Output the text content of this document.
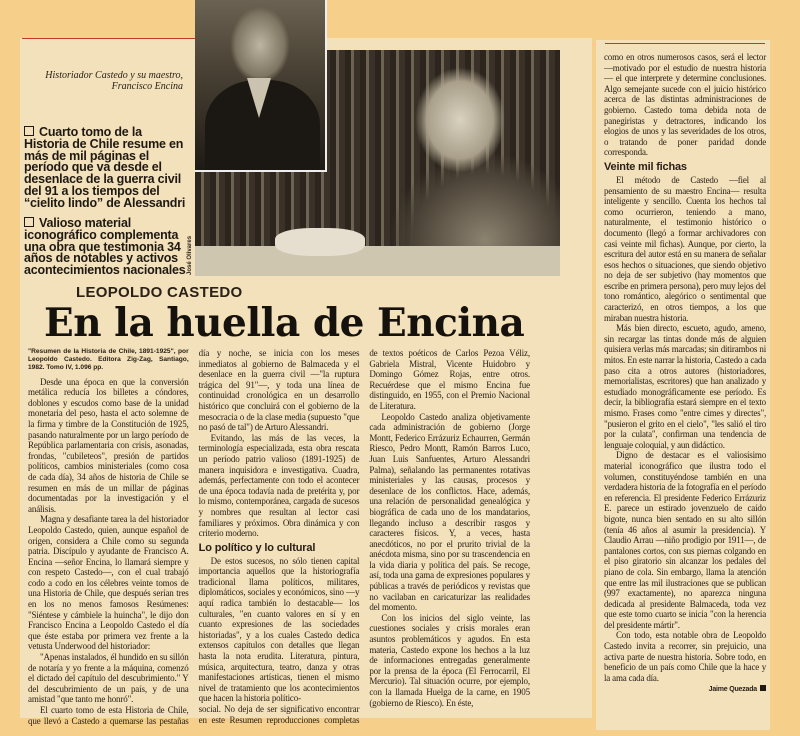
José Olivares
Historiador Castedo y su maestro, Francisco Encina
Cuarto tomo de la Historia de Chile resume en más de mil páginas el período que va desde el desenlace de la guerra civil del 91 a los tiempos del “cielito lindo” de Alessandri
Valioso material iconográfico complementa una obra que testimonia 34 años de notables y activos acontecimientos nacionales
LEOPOLDO CASTEDO
En la huella de Encina

"Resumen de la Historia de Chile, 1891-1925", por Leopoldo Castedo. Editora Zig-Zag, Santiago, 1982. Tomo IV, 1.096 pp.

Desde una época en que la conversión metálica reducía los billetes a cóndores, doblones y escudos como base de la unidad monetaria del peso, hasta el acto solemne de la firma y timbre de la Constitución de 1925, pasando naturalmente por un largo período de República parlamentaria con crisis, asonadas, frondas, "cubileteos", presión de partidos políticos, cambios ministeriales (como cosa de cada día), 34 años de historia de Chile se resumen en más de un millar de páginas documentadas por la investigación y el análisis.

Magna y desafiante tarea la del historiador Leopoldo Castedo, quien, aunque español de origen, considera a Chile como su segunda patria. Discípulo y ayudante de Francisco A. Encina —señor Encina, lo llamará siempre y con respeto Castedo—, con el cual trabajó codo a codo en los célebres veinte tomos de una Historia de Chile, que después serían tres en los no menos famosos Resúmenes: "Siéntese y cámbiele la huincha", le dijo don Francisco Encina a Leopoldo Castedo el día que éste estaba por primera vez frente a la vetusta Underwood del historiador:

"Apenas instalados, él hundido en su sillón de notaría y yo frente a la máquina, comenzó el dictado del capítulo del descubrimiento." Y del descubrimiento de un país, y de una amistad "que tanto me honró".

El cuarto tomo de esta Historia de Chile, que llevó a Castedo a quemarse las pestañas día y noche, se inicia con los meses inmediatos al gobierno de Balmaceda y el desenlace en la guerra civil —"la ruptura trágica del 91"—, y toda una línea de continuidad cronológica en un desarrollo histórico que concluirá con el gobierno de la mesocracia o de la clase media (supuesto "que no pasó de tal") de Arturo Alessandri.

Evitando, las más de las veces, la terminología especializada, esta obra rescata un período patrio valioso (1891-1925) de manera inquisidora e investigativa. Cuadra, además, perfectamente con todo el acontecer de una época todavía nada de pretérita y, por lo mismo, contemporánea, cargada de sucesos y nombres que resultan al lector casi familiares y próximos. Obra dinámica y con criterio moderno.

Lo político y lo cultural

De estos sucesos, no sólo tienen capital importancia aquellos que la historiografía tradicional llama políticos, militares, diplomáticos, sociales y económicos, sino —y aquí radica también lo destacable— los culturales, "en cuanto valores en sí y en cuanto expresiones de las sociedades historiadas", y a los cuales Castedo dedica extensos capítulos con detalles que llegan hasta la nota erudita. Literatura, pintura, música, arquitectura, teatro, danza y otras manifestaciones artísticas, tienen el mismo nivel de tratamiento que los acontecimientos que hacen la historia político-

social. No deja de ser significativo encontrar en este Resumen reproducciones completas de textos poéticos de Carlos Pezoa Véliz, Gabriela Mistral, Vicente Huidobro y Domingo Gómez Rojas, entre otros. Recuérdese que el mismo Encina fue distinguido, en 1955, con el Premio Nacional de Literatura.

Leopoldo Castedo analiza objetivamente cada administración de gobierno (Jorge Montt, Federico Errázuriz Echaurren, Germán Riesco, Pedro Montt, Ramón Barros Luco, Juan Luis Sanfuentes, Arturo Alessandri Palma), señalando las permanentes rotativas ministeriales y las causas, procesos y desenlace de los conflictos. Hace, además, una relación de personalidad genealógica y biográfica de cada uno de los mandatarios, llegando incluso a describir rasgos y caracteres físicos. Y, a veces, hasta anecdóticos, no por el prurito trivial de la anécdota misma, sino por su trascendencia en la vida diaria y política del país. Se recoge, así, toda una gama de expresiones populares y públicas a través de periódicos y revistas que no vacilaban en caricaturizar las realidades del momento.

Con los inicios del siglo veinte, las cuestiones sociales y crisis morales eran asuntos problemáticos y agudos. En esta materia, Castedo expone los hechos a la luz de informaciones entregadas generalmente por la prensa de la época (El Ferrocarril, El Mercurio). Tal situación ocurre, por ejemplo, con la llamada Huelga de la carne, en 1905 (gobierno de Riesco). En éste,

como en otros numerosos casos, será el lector —motivado por el estudio de nuestra historia— el que interprete y determine conclusiones. Algo semejante sucede con el juicio histórico acerca de las distintas administraciones de gobierno. Castedo toma debida nota de panegiristas y detractores, indicando los elogios de unos y las severidades de los otros, o tratando de poner paridad donde corresponda.

Veinte mil fichas

El método de Castedo —fiel al pensamiento de su maestro Encina— resulta inteligente y sencillo. Cuenta los hechos tal como ocurrieron, teniendo a mano, naturalmente, el testimonio histórico o documento (llegó a formar archivadores con casi veinte mil fichas). Aunque, por cierto, la escritura del autor está en su manera de señalar esos hechos o situaciones, que siendo objetivo no deja de ser subjetivo (hay momentos que escribe en primera persona), pero muy lejos del tono romántico, alegórico o sentimental que caracterizó, en otros tiempos, a los que miraban nuestra historia.

Más bien directo, escueto, agudo, ameno, sin recargar las tintas donde más de alguien quisiera verlas más marcadas; sin ditirambos ni mitos. En este narrar la historia, Castedo a cada paso cita a otros autores (historiadores, memorialistas, escritores) que han analizado y estudiado monográficamente ese período. Es decir, la bibliografía estará siempre en el texto mismo. Frases como "entre cimes y directes", "pusieron el grito en el cielo", "les salió el tiro por la culata", confirman una tendencia de lenguaje coloquial, y aun didáctico.

Digno de destacar es el valiosísimo material iconográfico que ilustra todo el volumen, constituyéndose también en una verdadera historia de la fotografía en el período en referencia. El presidente Federico Errázuriz E. parece un estirado jovenzuelo de caído bigote, nunca bien sentado en su alto sillón (tenía 46 años al asumir la presidencia). Y Claudio Arrau —niño prodigio por 1911—, de pantalones cortos, con sus piernas colgando en el piso giratorio sin alcanzar los pedales del piano de cola. Sin embargo, llama la atención que entre las mil ilustraciones que se publican (997 exactamente), no aparezca ninguna dedicada al presidente Balmaceda, toda vez que este tomo cuarto se inicia "con la herencia del presidente mártir".

Con todo, esta notable obra de Leopoldo Castedo invita a recorrer, sin prejuicio, una activa parte de nuestra historia. Sobre todo, en beneficio de un país como Chile que la hace y la ama cada día.

Jaime Quezada
